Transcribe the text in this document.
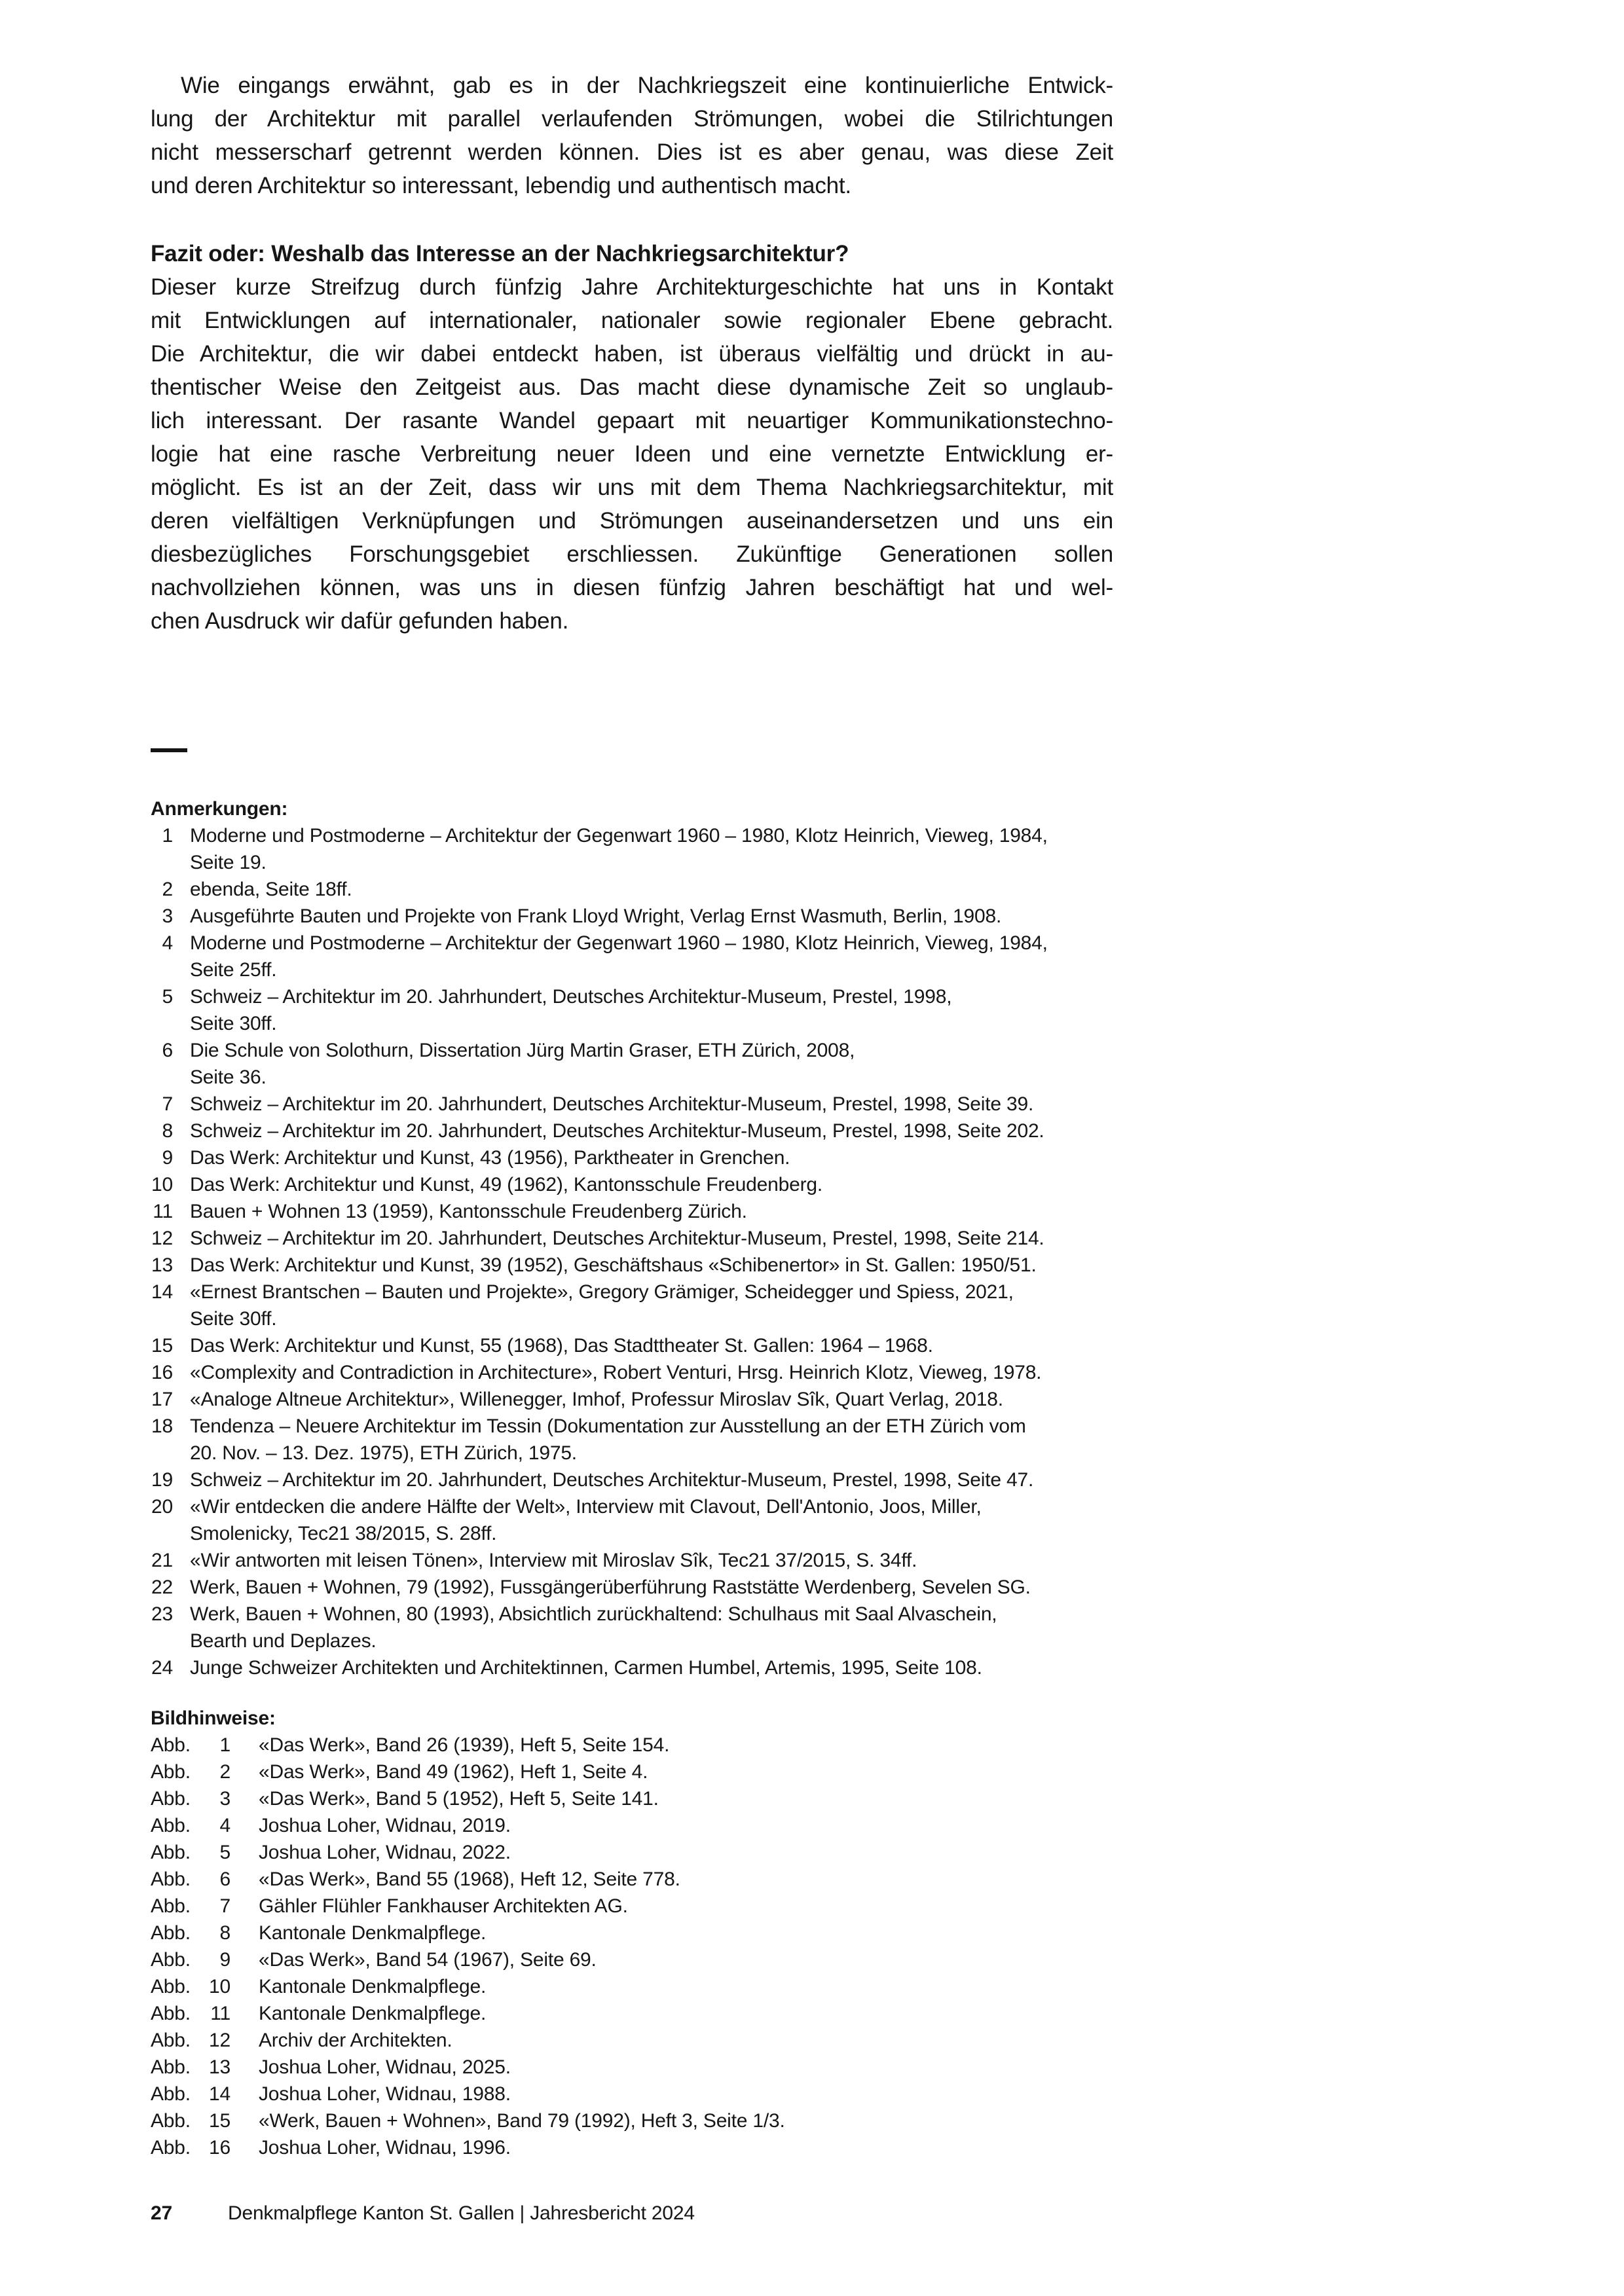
Wie eingangs erwähnt, gab es in der Nachkriegszeit eine kontinuierliche Entwick-
lung der Architektur mit parallel verlaufenden Strömungen, wobei die Stilrichtungen
nicht messerscharf getrennt werden können. Dies ist es aber genau, was diese Zeit
und deren Architektur so interessant, lebendig und authentisch macht.
Fazit oder: Weshalb das Interesse an der Nachkriegsarchitektur?
Dieser kurze Streifzug durch fünfzig Jahre Architekturgeschichte hat uns in Kontakt
mit Entwicklungen auf internationaler, nationaler sowie regionaler Ebene gebracht.
Die Architektur, die wir dabei entdeckt haben, ist überaus vielfältig und drückt in au-
thentischer Weise den Zeitgeist aus. Das macht diese dynamische Zeit so unglaub-
lich interessant. Der rasante Wandel gepaart mit neuartiger Kommunikationstechno-
logie hat eine rasche Verbreitung neuer Ideen und eine vernetzte Entwicklung er-
möglicht. Es ist an der Zeit, dass wir uns mit dem Thema Nachkriegsarchitektur, mit
deren vielfältigen Verknüpfungen und Strömungen auseinandersetzen und uns ein
diesbezügliches Forschungsgebiet erschliessen. Zukünftige Generationen sollen
nachvollziehen können, was uns in diesen fünfzig Jahren beschäftigt hat und wel-
chen Ausdruck wir dafür gefunden haben.
Anmerkungen:
1 Moderne und Postmoderne – Architektur der Gegenwart 1960 – 1980, Klotz Heinrich, Vieweg, 1984,
Seite 19.
2 ebenda, Seite 18ff.
3 Ausgeführte Bauten und Projekte von Frank Lloyd Wright, Verlag Ernst Wasmuth, Berlin, 1908.
4 Moderne und Postmoderne – Architektur der Gegenwart 1960 – 1980, Klotz Heinrich, Vieweg, 1984,
Seite 25ff.
5 Schweiz – Architektur im 20. Jahrhundert, Deutsches Architektur-Museum, Prestel, 1998,
Seite 30ff.
6 Die Schule von Solothurn, Dissertation Jürg Martin Graser, ETH Zürich, 2008,
Seite 36.
7 Schweiz – Architektur im 20. Jahrhundert, Deutsches Architektur-Museum, Prestel, 1998, Seite 39.
8 Schweiz – Architektur im 20. Jahrhundert, Deutsches Architektur-Museum, Prestel, 1998, Seite 202.
9 Das Werk: Architektur und Kunst, 43 (1956), Parktheater in Grenchen.
10 Das Werk: Architektur und Kunst, 49 (1962), Kantonsschule Freudenberg.
11 Bauen + Wohnen 13 (1959), Kantonsschule Freudenberg Zürich.
12 Schweiz – Architektur im 20. Jahrhundert, Deutsches Architektur-Museum, Prestel, 1998, Seite 214.
13 Das Werk: Architektur und Kunst, 39 (1952), Geschäftshaus «Schibenertor» in St. Gallen: 1950/51.
14 «Ernest Brantschen – Bauten und Projekte», Gregory Grämiger, Scheidegger und Spiess, 2021,
Seite 30ff.
15 Das Werk: Architektur und Kunst, 55 (1968), Das Stadttheater St. Gallen: 1964 – 1968.
16 «Complexity and Contradiction in Architecture», Robert Venturi, Hrsg. Heinrich Klotz, Vieweg, 1978.
17 «Analoge Altneue Architektur», Willenegger, Imhof, Professur Miroslav Sîk, Quart Verlag, 2018.
18 Tendenza – Neuere Architektur im Tessin (Dokumentation zur Ausstellung an der ETH Zürich vom
20. Nov. – 13. Dez. 1975), ETH Zürich, 1975.
19 Schweiz – Architektur im 20. Jahrhundert, Deutsches Architektur-Museum, Prestel, 1998, Seite 47.
20 «Wir entdecken die andere Hälfte der Welt», Interview mit Clavout, Dell'Antonio, Joos, Miller,
Smolenicky, Tec21 38/2015, S. 28ff.
21 «Wir antworten mit leisen Tönen», Interview mit Miroslav Sîk, Tec21 37/2015, S. 34ff.
22 Werk, Bauen + Wohnen, 79 (1992), Fussgängerüberführung Raststätte Werdenberg, Sevelen SG.
23 Werk, Bauen + Wohnen, 80 (1993), Absichtlich zurückhaltend: Schulhaus mit Saal Alvaschein,
Bearth und Deplazes.
24 Junge Schweizer Architekten und Architektinnen, Carmen Humbel, Artemis, 1995, Seite 108.
Bildhinweise:
Abb.	1 «Das Werk», Band 26 (1939), Heft 5, Seite 154.
Abb.	2 «Das Werk», Band 49 (1962), Heft 1, Seite 4.
Abb.	3 «Das Werk», Band 5 (1952), Heft 5, Seite 141.
Abb.	4 Joshua Loher, Widnau, 2019.
Abb.	5 Joshua Loher, Widnau, 2022.
Abb.	6 «Das Werk», Band 55 (1968), Heft 12, Seite 778.
Abb.	7 Gähler Flühler Fankhauser Architekten AG.
Abb.	8 Kantonale Denkmalpflege.
Abb.	9 «Das Werk», Band 54 (1967), Seite 69.
Abb. 10 Kantonale Denkmalpflege.
Abb.	11 Kantonale Denkmalpflege.
Abb. 12 Archiv der Architekten.
Abb. 13 Joshua Loher, Widnau, 2025.
Abb. 14 Joshua Loher, Widnau, 1988.
Abb. 15 «Werk, Bauen + Wohnen», Band 79 (1992), Heft 3, Seite 1/3.
Abb. 16 Joshua Loher, Widnau, 1996.
27	Denkmalpflege Kanton St. Gallen | Jahresbericht 2024
